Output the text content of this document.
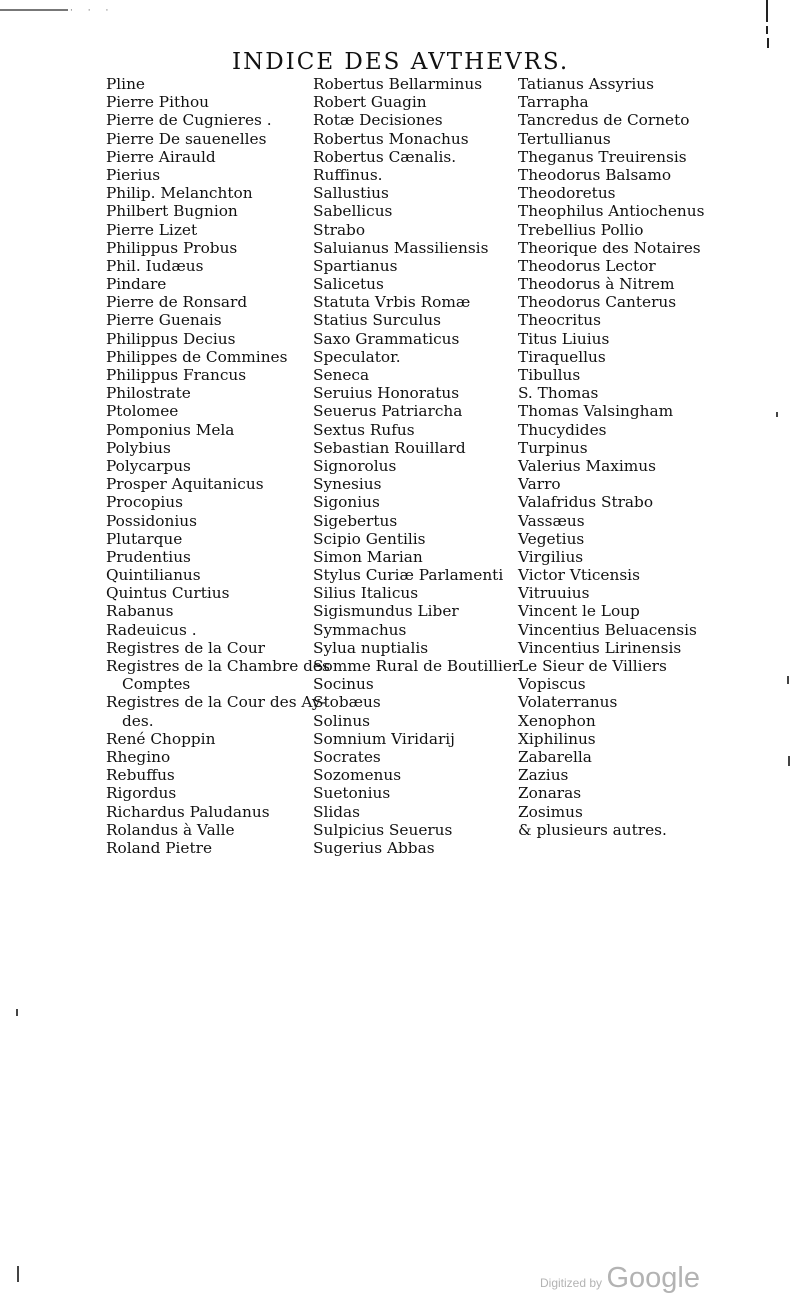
· · ·
INDICE DES AVTHEVRS.
Pline
Pierre Pithou
Pierre de Cugnieres .
Pierre De sauenelles
Pierre Airauld
Pierius
Philip. Melanchton
Philbert Bugnion
Pierre Lizet
Philippus Probus
Phil. Iudæus
Pindare
Pierre de Ronsard
Pierre Guenais
Philippus Decius
Philippes de Commines
Philippus Francus
Philostrate
Ptolomee
Pomponius Mela
Polybius
Polycarpus
Prosper Aquitanicus
Procopius
Possidonius
Plutarque
Prudentius
Quintilianus
Quintus Curtius
Rabanus
Radeuicus .
Registres de la Cour
Registres de la Chambre des
Comptes
Registres de la Cour des Ay-
des.
René Choppin
Rhegino
Rebuffus
Rigordus
Richardus Paludanus
Rolandus à Valle
Roland Pietre
Robertus Bellarminus
Robert Guagin
Rotæ Decisiones
Robertus Monachus
Robertus Cænalis.
Ruffinus.
Sallustius
Sabellicus
Strabo
Saluianus Massiliensis
Spartianus
Salicetus
Statuta Vrbis Romæ
Statius Surculus
Saxo Grammaticus
Speculator.
Seneca
Seruius Honoratus
Seuerus Patriarcha
Sextus Rufus
Sebastian Rouillard
Signorolus
Synesius
Sigonius
Sigebertus
Scipio Gentilis
Simon Marian
Stylus Curiæ Parlamenti
Silius Italicus
Sigismundus Liber
Symmachus
Sylua nuptialis
Somme Rural de Boutillier
Socinus
Stobæus
Solinus
Somnium Viridarij
Socrates
Sozomenus
Suetonius
Slidas
Sulpicius Seuerus
Sugerius Abbas
Tatianus Assyrius
Tarrapha
Tancredus de Corneto
Tertullianus
Theganus Treuirensis
Theodorus Balsamo
Theodoretus
Theophilus Antiochenus
Trebellius Pollio
Theorique des Notaires
Theodorus Lector
Theodorus à Nitrem
Theodorus Canterus
Theocritus
Titus Liuius
Tiraquellus
Tibullus
S. Thomas
Thomas Valsingham
Thucydides
Turpinus
Valerius Maximus
Varro
Valafridus Strabo
Vassæus
Vegetius
Virgilius
Victor Vticensis
Vitruuius
Vincent le Loup
Vincentius Beluacensis
Vincentius Lirinensis
Le Sieur de Villiers
Vopiscus
Volaterranus
Xenophon
Xiphilinus
Zabarella
Zazius
Zonaras
Zosimus
& plusieurs autres.
Digitized by Google
